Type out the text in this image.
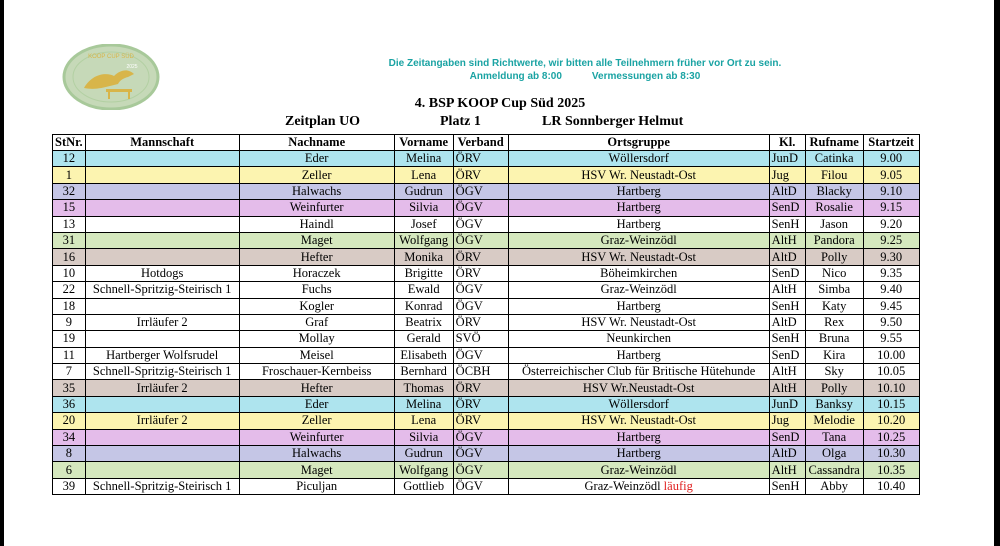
KOOP CUP SÜD
2025	Die Zeitangaben sind Richtwerte, wir bitten alle Teilnehmern früher vor Ort zu sein.
Anmeldung ab 8:00	Vermessungen ab 8:30
4. BSP KOOP Cup Süd 2025
Zeitplan UO	Platz 1	LR Sonnberger Helmut
StNr.	Mannschaft	Nachname	Vorname	Verband	Ortsgruppe	Kl.	Rufname	Startzeit
12		Eder	Melina	ÖRV	Wöllersdorf	JunD	Catinka	9.00
1		Zeller	Lena	ÖRV	HSV Wr. Neustadt-Ost	Jug	Filou	9.05
32		Halwachs	Gudrun	ÖGV	Hartberg	AltD	Blacky	9.10
15		Weinfurter	Silvia	ÖGV	Hartberg	SenD	Rosalie	9.15
13		Haindl	Josef	ÖGV	Hartberg	SenH	Jason	9.20
31		Maget	Wolfgang	ÖGV	Graz-Weinzödl	AltH	Pandora	9.25
16		Hefter	Monika	ÖRV	HSV Wr. Neustadt-Ost	AltD	Polly	9.30
10	Hotdogs	Horaczek	Brigitte	ÖRV	Böheimkirchen	SenD	Nico	9.35
22	Schnell-Spritzig-Steirisch 1	Fuchs	Ewald	ÖGV	Graz-Weinzödl	AltH	Simba	9.40
18		Kogler	Konrad	ÖGV	Hartberg	SenH	Katy	9.45
9	Irrläufer 2	Graf	Beatrix	ÖRV	HSV Wr. Neustadt-Ost	AltD	Rex	9.50
19		Mollay	Gerald	SVÖ	Neunkirchen	SenH	Bruna	9.55
11	Hartberger Wolfsrudel	Meisel	Elisabeth	ÖGV	Hartberg	SenD	Kira	10.00
7	Schnell-Spritzig-Steirisch 1	Froschauer-Kernbeiss	Bernhard	ÖCBH	Österreichischer Club für Britische Hütehunde	AltH	Sky	10.05
35	Irrläufer 2	Hefter	Thomas	ÖRV	HSV Wr.Neustadt-Ost	AltH	Polly	10.10
36		Eder	Melina	ÖRV	Wöllersdorf	JunD	Banksy	10.15
20	Irrläufer 2	Zeller	Lena	ÖRV	HSV Wr. Neustadt-Ost	Jug	Melodie	10.20
34		Weinfurter	Silvia	ÖGV	Hartberg	SenD	Tana	10.25
8		Halwachs	Gudrun	ÖGV	Hartberg	AltD	Olga	10.30
6		Maget	Wolfgang	ÖGV	Graz-Weinzödl	AltH	Cassandra	10.35
39	Schnell-Spritzig-Steirisch 1	Piculjan	Gottlieb	ÖGV	Graz-Weinzödl läufig	SenH	Abby	10.40
